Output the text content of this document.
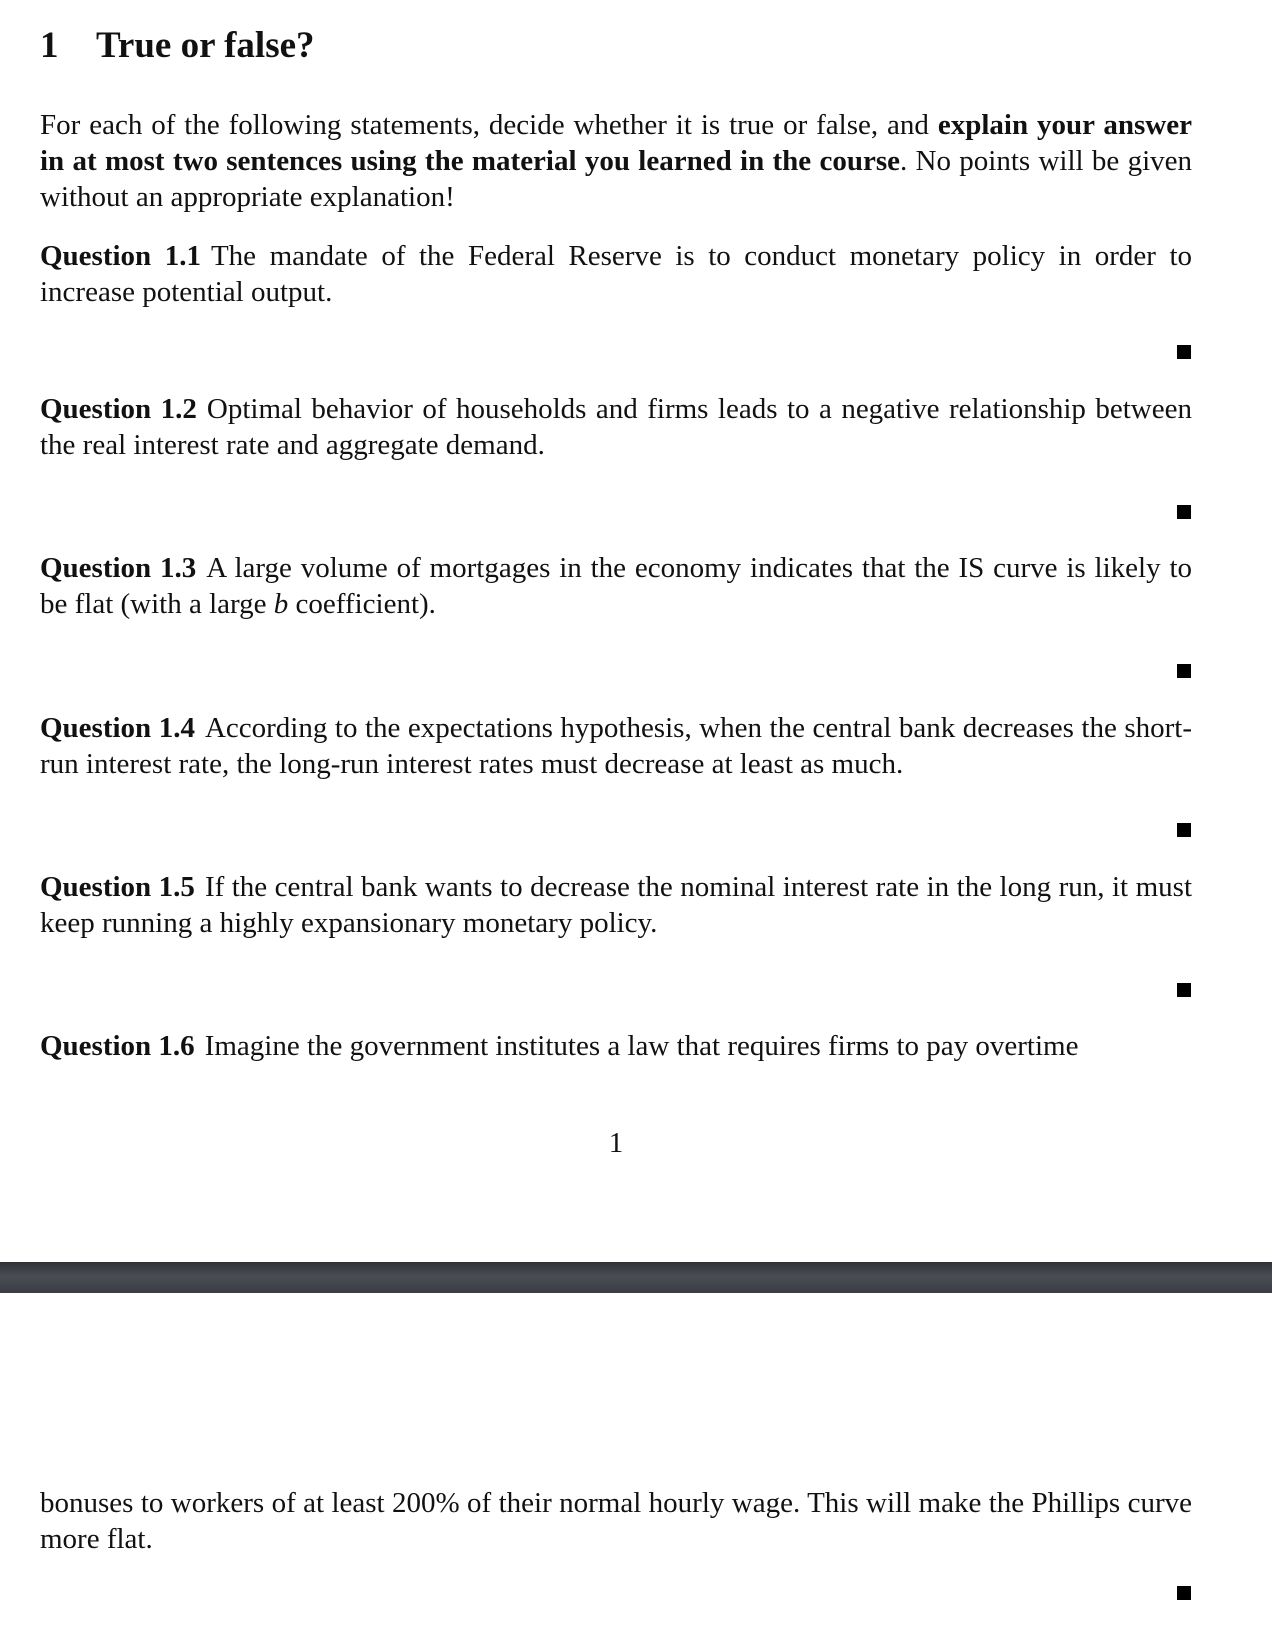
1 True or false?

For each of the following statements, decide whether it is true or false, and explain your answer in at most two sentences using the material you learned in the course. No points will be given without an appropriate explanation!

Question 1.1 The mandate of the Federal Reserve is to conduct monetary policy in order to increase potential output.

Question 1.2 Optimal behavior of households and firms leads to a negative relationship between the real interest rate and aggregate demand.

Question 1.3 A large volume of mortgages in the economy indicates that the IS curve is likely to be flat (with a large b coefficient).

Question 1.4 According to the expectations hypothesis, when the central bank decreases the short-run interest rate, the long-run interest rates must decrease at least as much.

Question 1.5 If the central bank wants to decrease the nominal interest rate in the long run, it must keep running a highly expansionary monetary policy.

Question 1.6 Imagine the government institutes a law that requires firms to pay overtime

1

bonuses to workers of at least 200% of their normal hourly wage. This will make the Phillips curve more flat.
